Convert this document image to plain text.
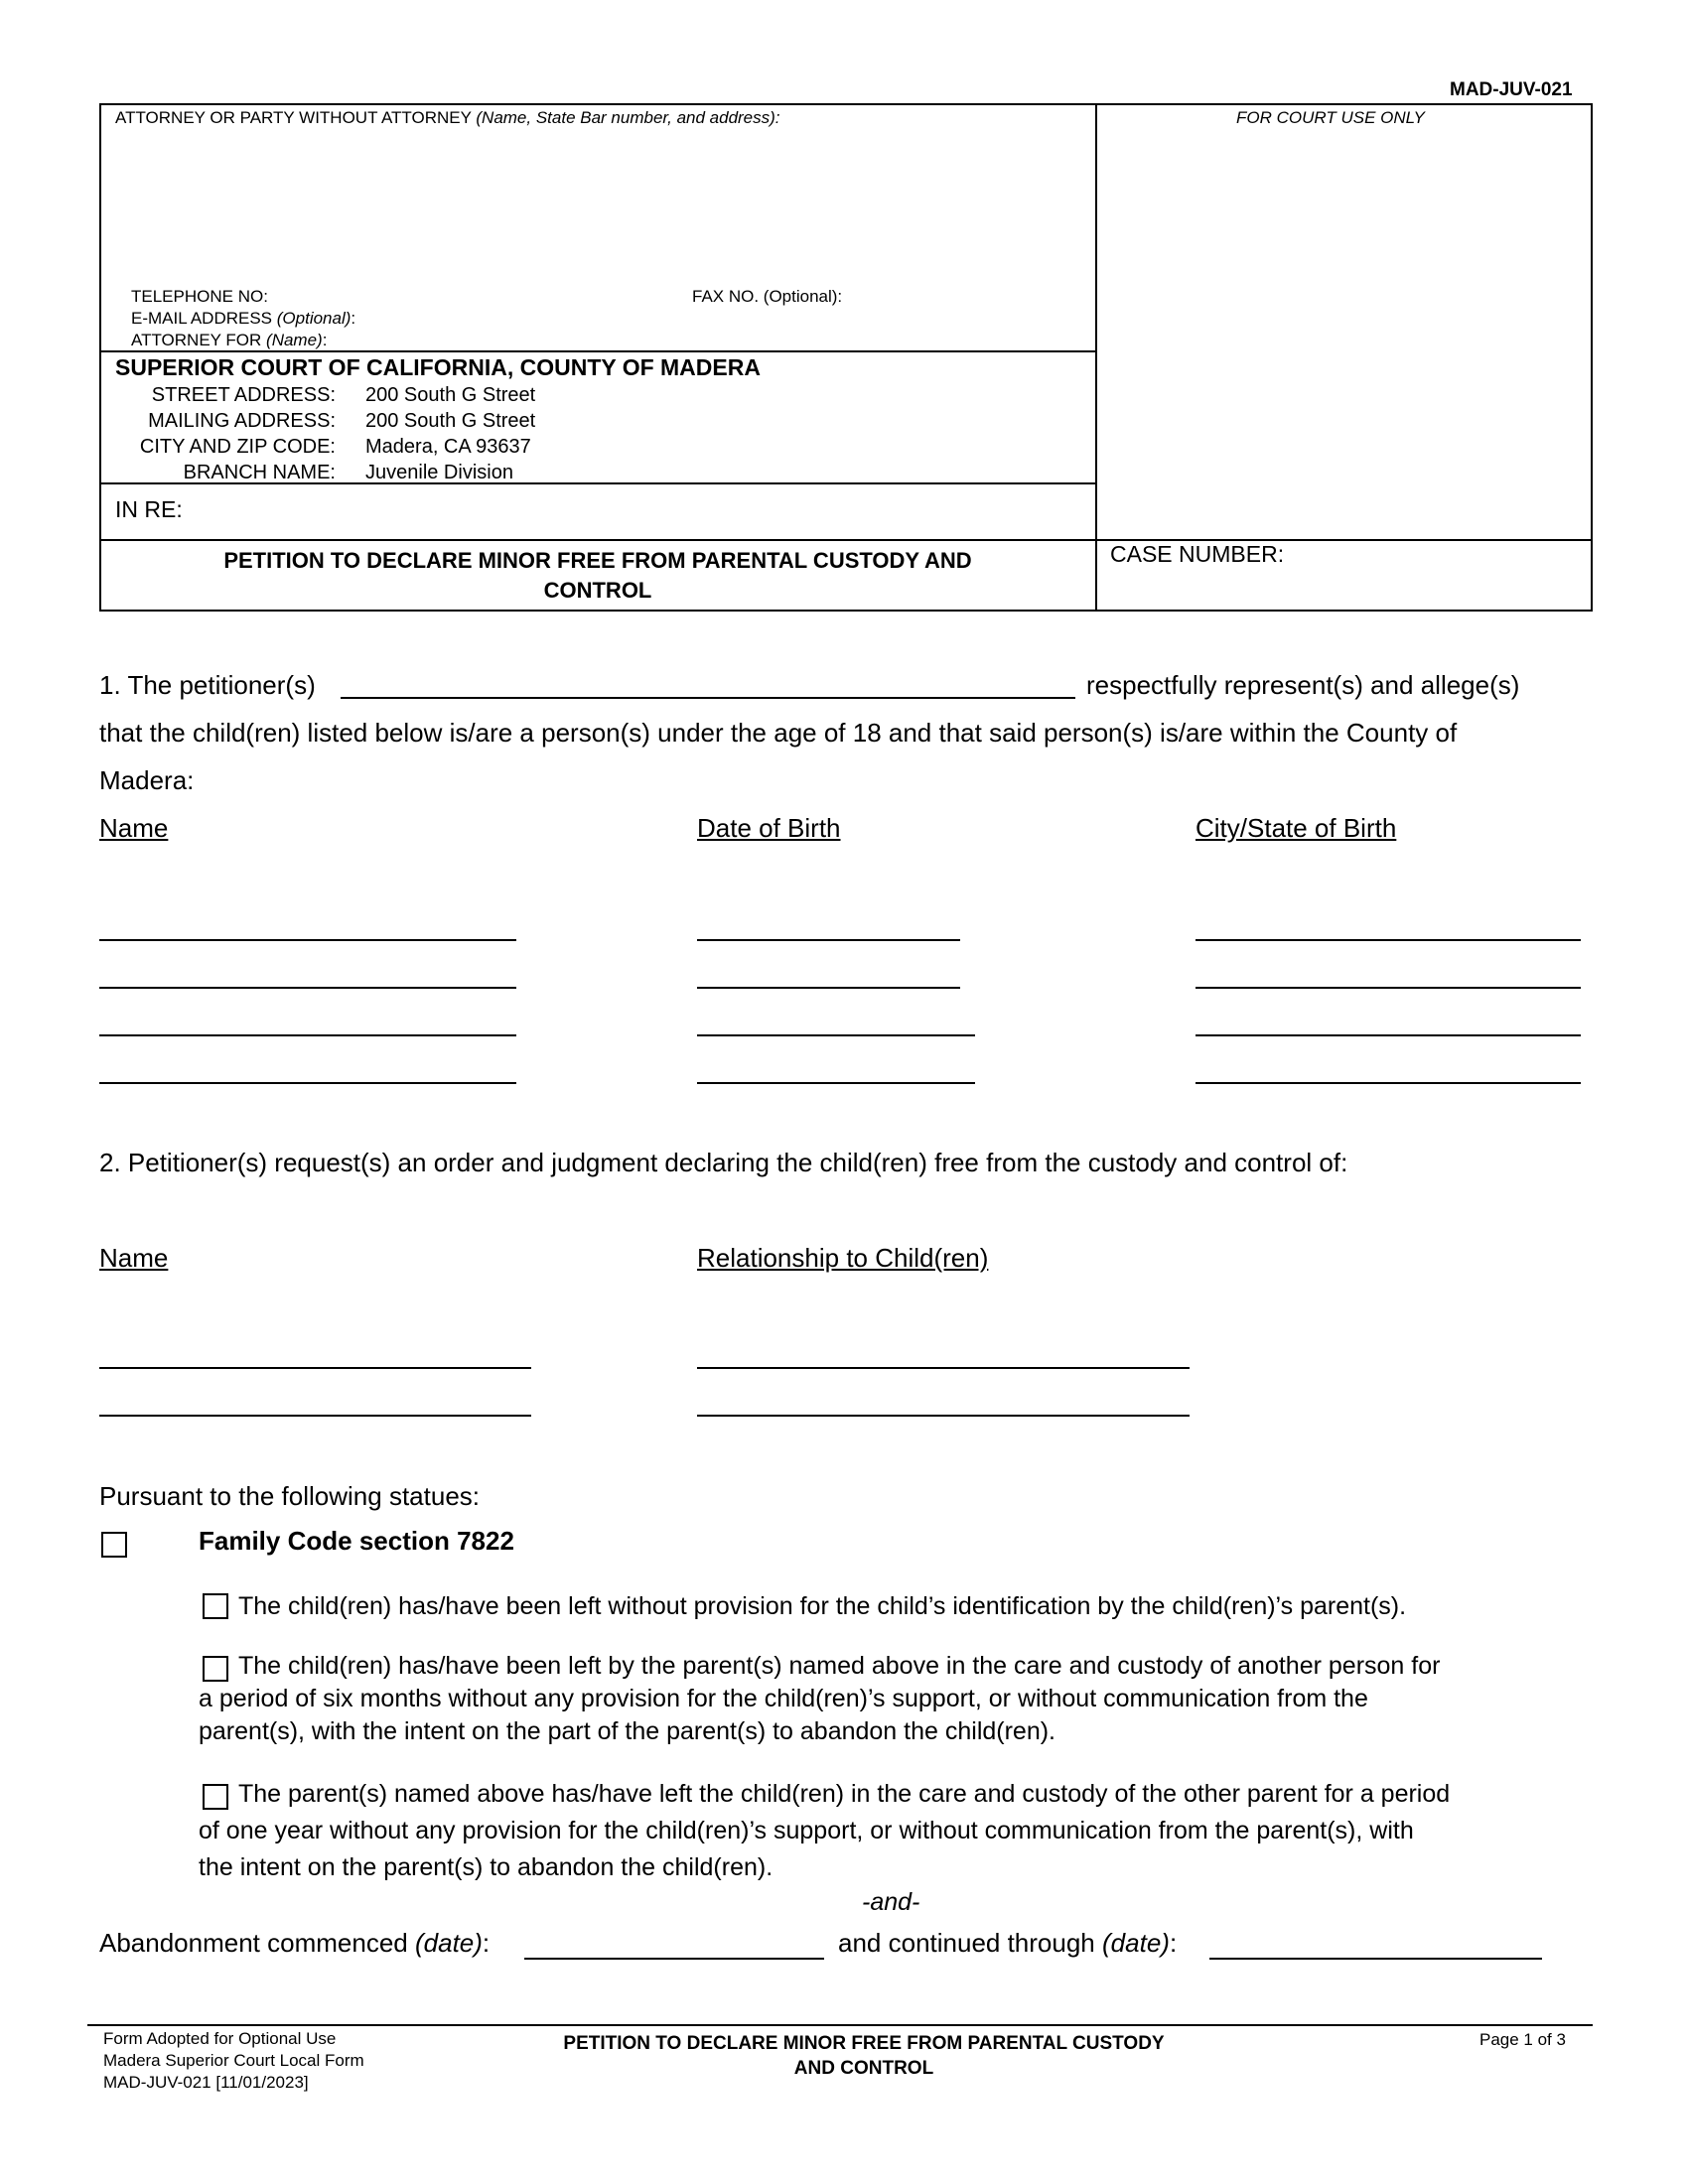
MAD-JUV-021
ATTORNEY OR PARTY WITHOUT ATTORNEY (Name, State Bar number, and address):	FOR COURT USE ONLY
TELEPHONE NO:	FAX NO. (Optional):
E-MAIL ADDRESS (Optional):
ATTORNEY FOR (Name):
SUPERIOR COURT OF CALIFORNIA, COUNTY OF MADERA
STREET ADDRESS: 200 South G Street
MAILING ADDRESS: 200 South G Street
CITY AND ZIP CODE: Madera, CA 93637
BRANCH NAME: Juvenile Division
IN RE:
PETITION TO DECLARE MINOR FREE FROM PARENTAL CUSTODY AND
CONTROL
CASE NUMBER:
1. The petitioner(s)	respectfully represent(s) and allege(s)
that the child(ren) listed below is/are a person(s) under the age of 18 and that said person(s) is/are within the County of
Madera:
Name	Date of Birth	City/State of Birth
2. Petitioner(s) request(s) an order and judgment declaring the child(ren) free from the custody and control of:
Name	Relationship to Child(ren)
Pursuant to the following statues:
Family Code section 7822
The child(ren) has/have been left without provision for the child’s identification by the child(ren)’s parent(s).
The child(ren) has/have been left by the parent(s) named above in the care and custody of another person for
a period of six months without any provision for the child(ren)’s support, or without communication from the
parent(s), with the intent on the part of the parent(s) to abandon the child(ren).
The parent(s) named above has/have left the child(ren) in the care and custody of the other parent for a period
of one year without any provision for the child(ren)’s support, or without communication from the parent(s), with
the intent on the parent(s) to abandon the child(ren).
-and-
Abandonment commenced (date):	and continued through (date):
Form Adopted for Optional Use
Madera Superior Court Local Form
MAD-JUV-021 [11/01/2023]
PETITION TO DECLARE MINOR FREE FROM PARENTAL CUSTODY
AND CONTROL
Page 1 of 3
